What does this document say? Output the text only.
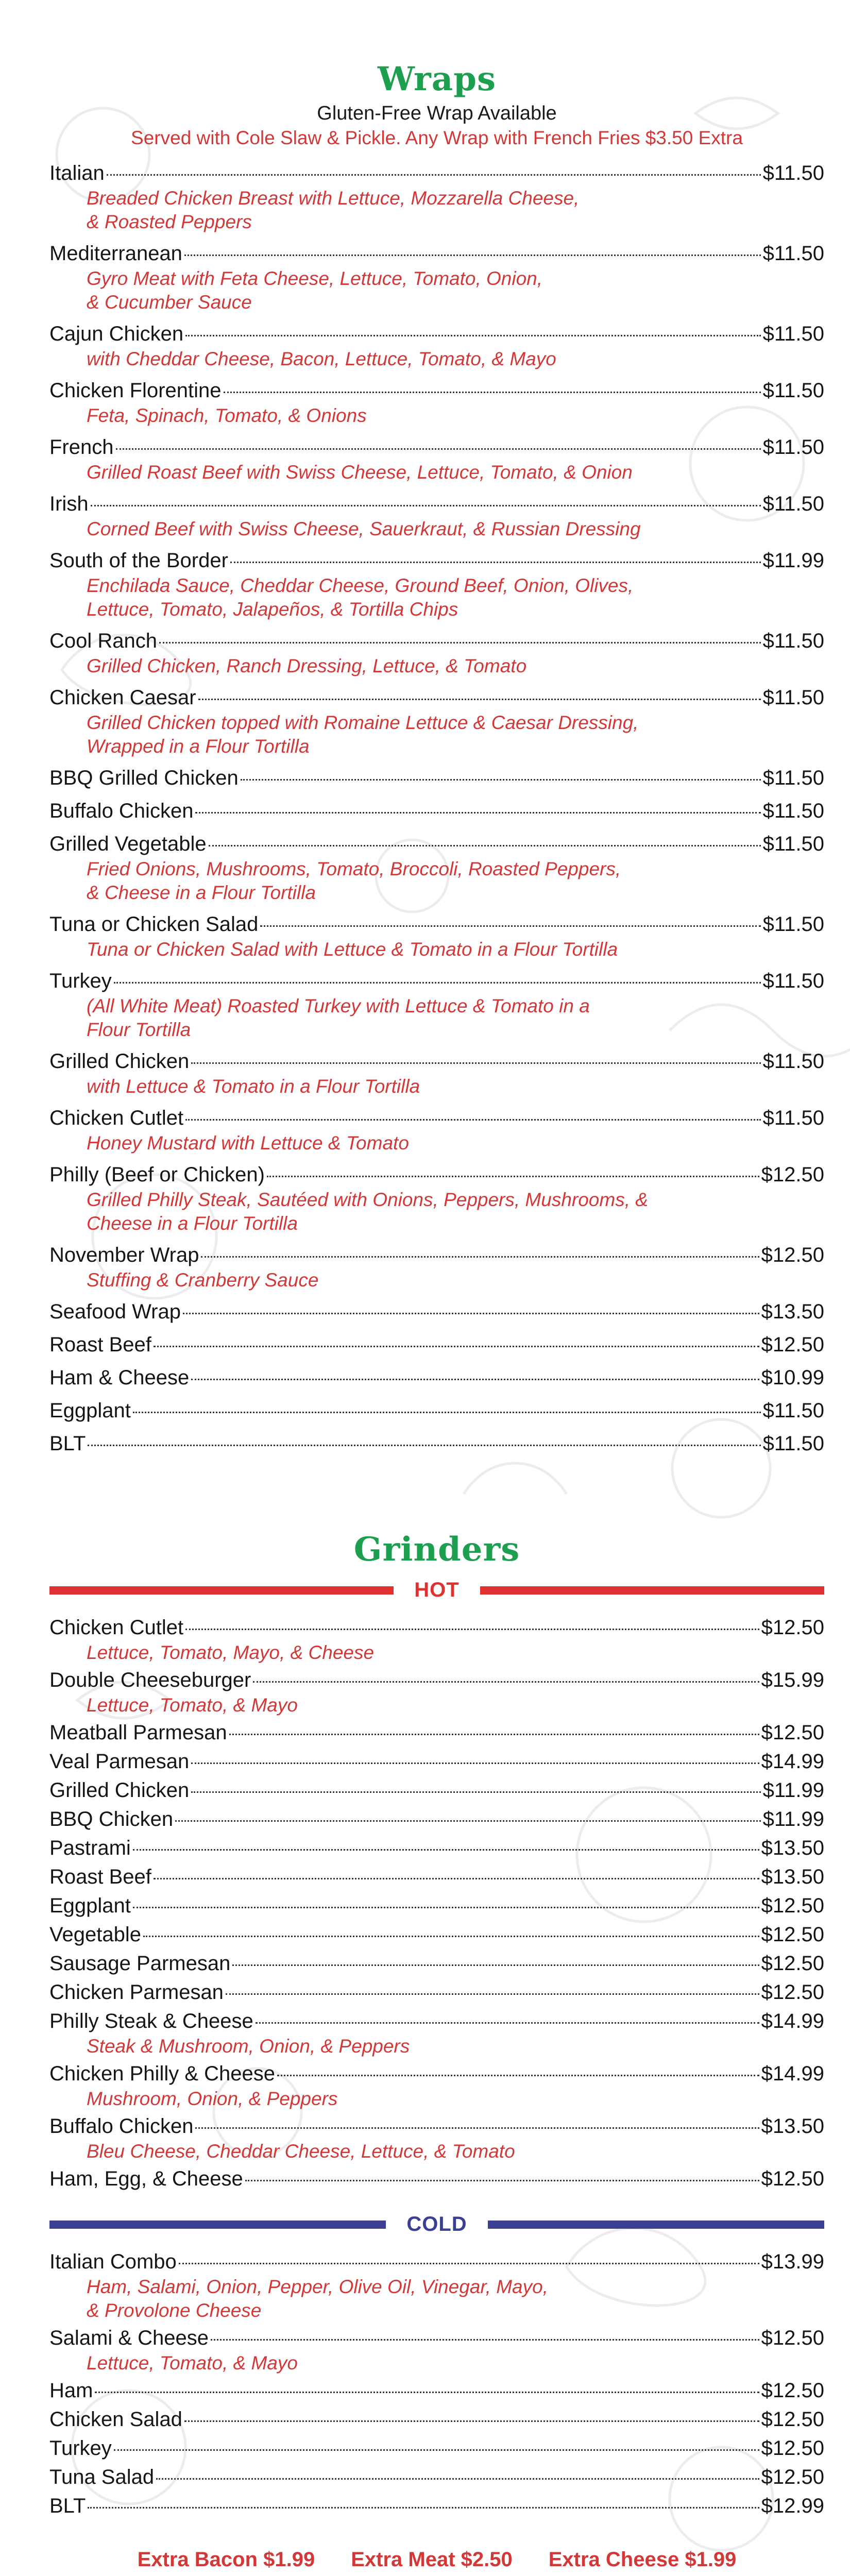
Wraps
Gluten-Free Wrap Available
Served with Cole Slaw & Pickle. Any Wrap with French Fries $3.50 Extra
Italian	$11.50
Breaded Chicken Breast with Lettuce, Mozzarella Cheese,
& Roasted Peppers
Mediterranean	$11.50
Gyro Meat with Feta Cheese, Lettuce, Tomato, Onion,
& Cucumber Sauce
Cajun Chicken	$11.50
with Cheddar Cheese, Bacon, Lettuce, Tomato, & Mayo
Chicken Florentine	$11.50
Feta, Spinach, Tomato, & Onions
French	$11.50
Grilled Roast Beef with Swiss Cheese, Lettuce, Tomato, & Onion
Irish	$11.50
Corned Beef with Swiss Cheese, Sauerkraut, & Russian Dressing
South of the Border	$11.99
Enchilada Sauce, Cheddar Cheese, Ground Beef, Onion, Olives,
Lettuce, Tomato, Jalapeños, & Tortilla Chips
Cool Ranch	$11.50
Grilled Chicken, Ranch Dressing, Lettuce, & Tomato
Chicken Caesar	$11.50
Grilled Chicken topped with Romaine Lettuce & Caesar Dressing,
Wrapped in a Flour Tortilla
BBQ Grilled Chicken	$11.50
Buffalo Chicken	$11.50
Grilled Vegetable	$11.50
Fried Onions, Mushrooms, Tomato, Broccoli, Roasted Peppers,
& Cheese in a Flour Tortilla
Tuna or Chicken Salad	$11.50
Tuna or Chicken Salad with Lettuce & Tomato in a Flour Tortilla
Turkey	$11.50
(All White Meat) Roasted Turkey with Lettuce & Tomato in a
Flour Tortilla
Grilled Chicken	$11.50
with Lettuce & Tomato in a Flour Tortilla
Chicken Cutlet	$11.50
Honey Mustard with Lettuce & Tomato
Philly (Beef or Chicken)	$12.50
Grilled Philly Steak, Sautéed with Onions, Peppers, Mushrooms, &
Cheese in a Flour Tortilla
November Wrap	$12.50
Stuffing & Cranberry Sauce
Seafood Wrap	$13.50
Roast Beef	$12.50
Ham & Cheese	$10.99
Eggplant	$11.50
BLT	$11.50
Grinders
HOT
Chicken Cutlet	$12.50
Lettuce, Tomato, Mayo, & Cheese
Double Cheeseburger	$15.99
Lettuce, Tomato, & Mayo
Meatball Parmesan	$12.50
Veal Parmesan	$14.99
Grilled Chicken	$11.99
BBQ Chicken	$11.99
Pastrami	$13.50
Roast Beef	$13.50
Eggplant	$12.50
Vegetable	$12.50
Sausage Parmesan	$12.50
Chicken Parmesan	$12.50
Philly Steak & Cheese	$14.99
Steak & Mushroom, Onion, & Peppers
Chicken Philly & Cheese	$14.99
Mushroom, Onion, & Peppers
Buffalo Chicken	$13.50
Bleu Cheese, Cheddar Cheese, Lettuce, & Tomato
Ham, Egg, & Cheese	$12.50
COLD
Italian Combo	$13.99
Ham, Salami, Onion, Pepper, Olive Oil, Vinegar, Mayo,
& Provolone Cheese
Salami & Cheese	$12.50
Lettuce, Tomato, & Mayo
Ham	$12.50
Chicken Salad	$12.50
Turkey	$12.50
Tuna Salad	$12.50
BLT	$12.99
Extra Bacon $1.99 Extra Meat $2.50 Extra Cheese $1.99
